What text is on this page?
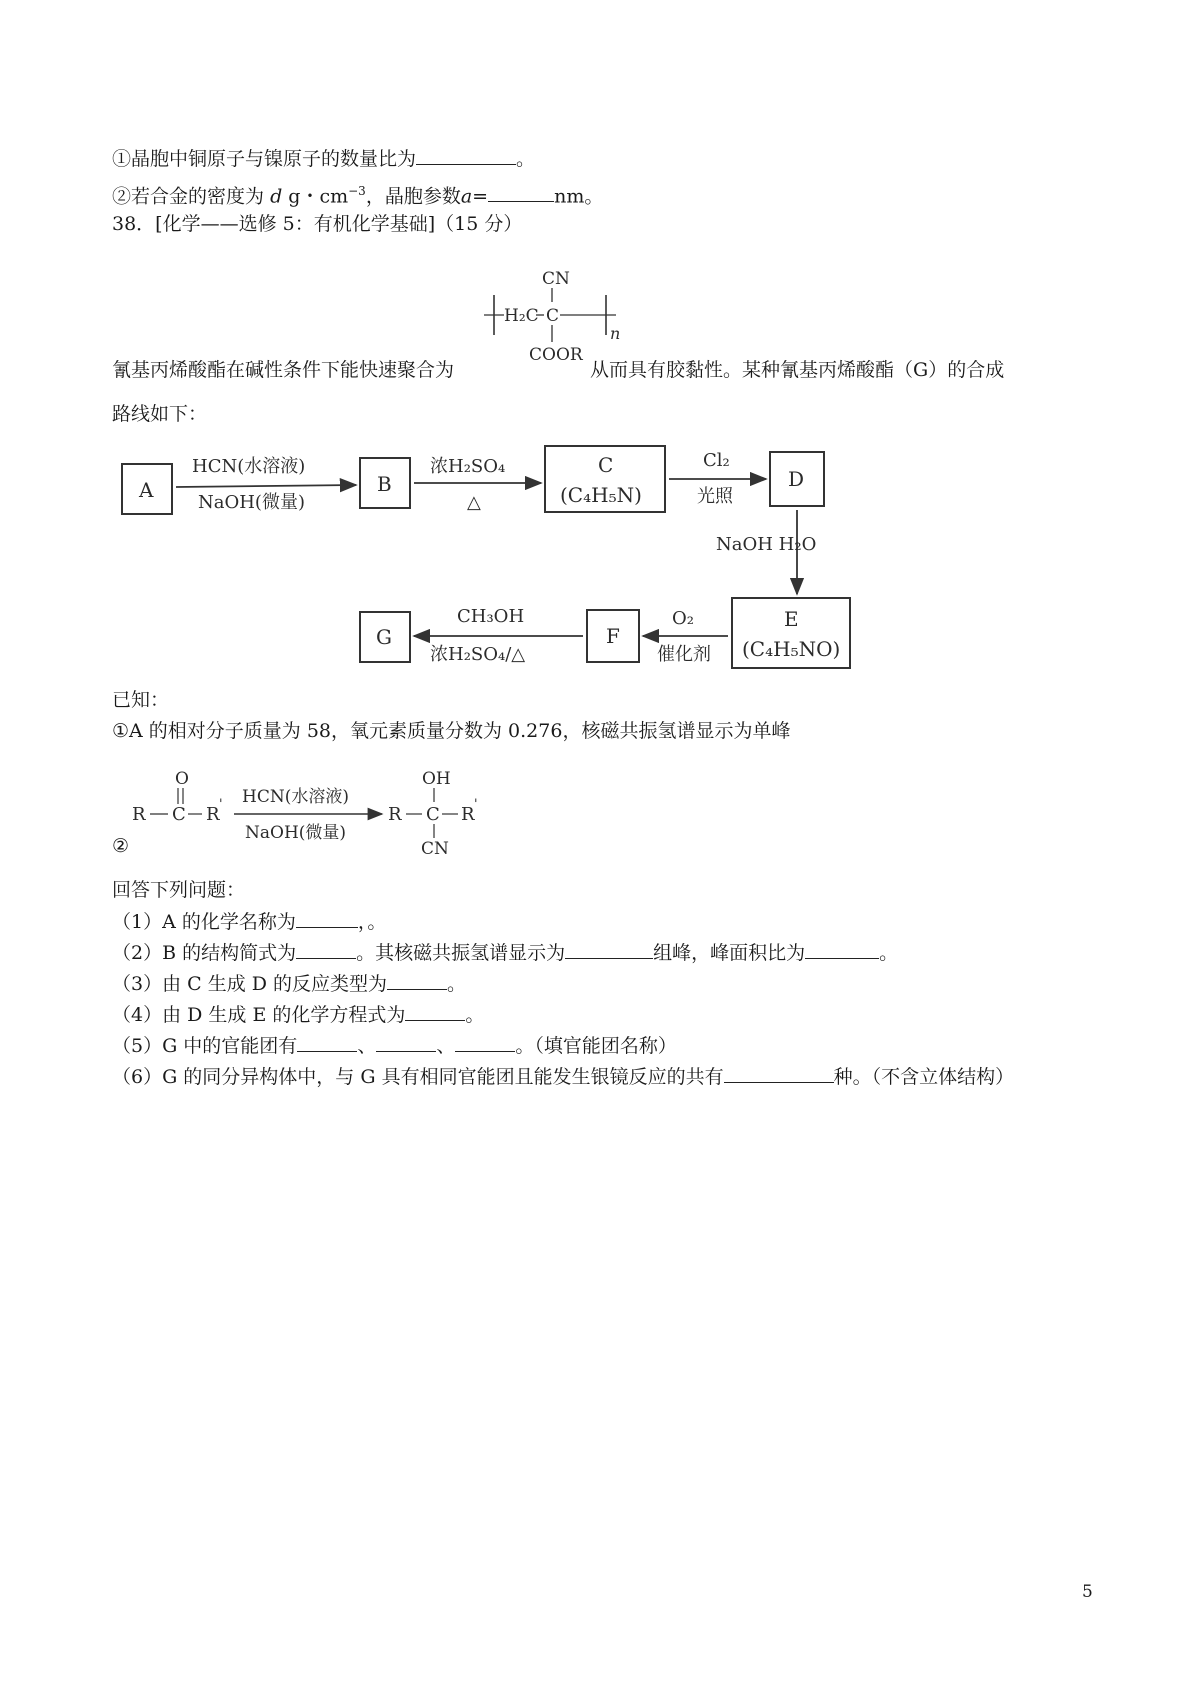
①晶胞中铜原子与镍原子的数量比为	。
②若合金的密度为 d g・$cm^{-3}$，晶胞参数a=	nm。
38．[化学——选修 5：有机化学基础]（15 分）
CN
H₂C C
n
COOR
氰基丙烯酸酯在碱性条件下能快速聚合为	从而具有胶黏性。某种氰基丙烯酸酯（G）的合成
路线如下：
A	B
C
(C₄H₅N)
D
E
(C₄H₅NO)
F
G
HCN(水溶液)
NaOH(微量)
浓H₂SO₄
△
Cl₂
光照
NaOH H₂O
O₂
催化剂
CH₃OH
浓H₂SO₄/△
已知：
①A 的相对分子质量为 58，氧元素质量分数为 0.276，核磁共振氢谱显示为单峰
O
R C R ' HCN(水溶液)
NaOH(微量)
OH
R C R '
CN
②
回答下列问题：
（1）A 的化学名称为	，。
（2）B 的结构简式为	。其核磁共振氢谱显示为	组峰，峰面积比为	。
（3）由 C 生成 D 的反应类型为	。
（4）由 D 生成 E 的化学方程式为	。
（5）G 中的官能团有	、	、	。（填官能团名称）
（6）G 的同分异构体中，与 G 具有相同官能团且能发生银镜反应的共有	种。（不含立体结构）
5
